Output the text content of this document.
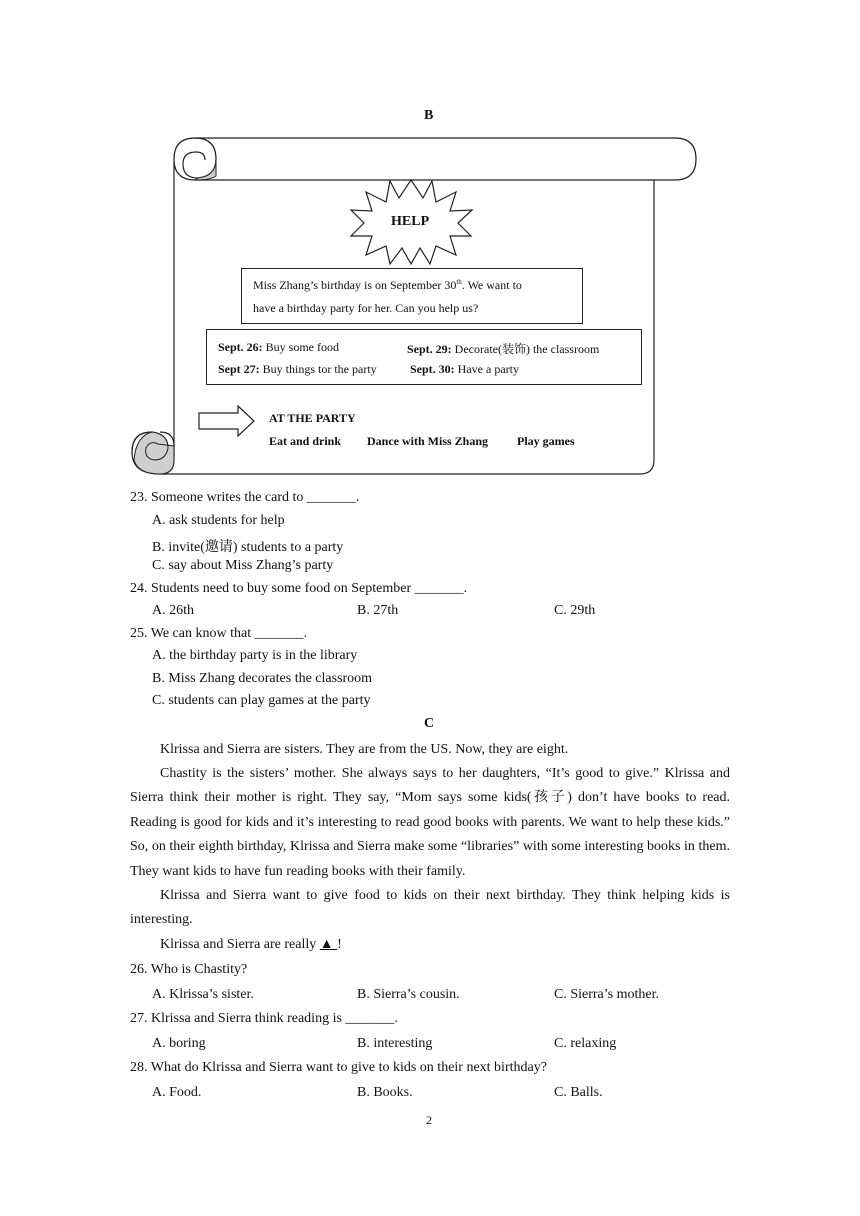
B
HELP
Miss Zhang’s birthday is on September 30th. We want to
have a birthday party for her. Can you help us?
Sept. 26: Buy some food	Sept. 29: Decorate(装饰) the classroom
Sept 27: Buy things tor the party	Sept. 30: Have a party
AT THE PARTY
Eat and drink Dance with Miss Zhang Play games
23. Someone writes the card to _______.
A. ask students for help
B. invite(邀请) students to a party
C. say about Miss Zhang’s party
24. Students need to buy some food on September _______.
A. 26th	B. 27th	C. 29th
25. We can know that _______.
A. the birthday party is in the library
B. Miss Zhang decorates the classroom
C. students can play games at the party
C
Klrissa and Sierra are sisters. They are from the US. Now, they are eight.
Chastity is the sisters’ mother. She always says to her daughters, “It’s good to give.” Klrissa and Sierra think their mother is right. They say, “Mom says some kids(孩子) don’t have books to read. Reading is good for kids and it’s interesting to read good books with parents. We want to help these kids.” So, on their eighth birthday, Klrissa and Sierra make some “libraries” with some interesting books in them. They want kids to have fun reading books with their family.
Klrissa and Sierra want to give food to kids on their next birthday. They think helping kids is interesting.
Klrissa and Sierra are really ▲ !
26. Who is Chastity?
A. Klrissa’s sister.	B. Sierra’s cousin.	C. Sierra’s mother.
27. Klrissa and Sierra think reading is _______.
A. boring	B. interesting	C. relaxing
28. What do Klrissa and Sierra want to give to kids on their next birthday?
A. Food.	B. Books.	C. Balls.
2
